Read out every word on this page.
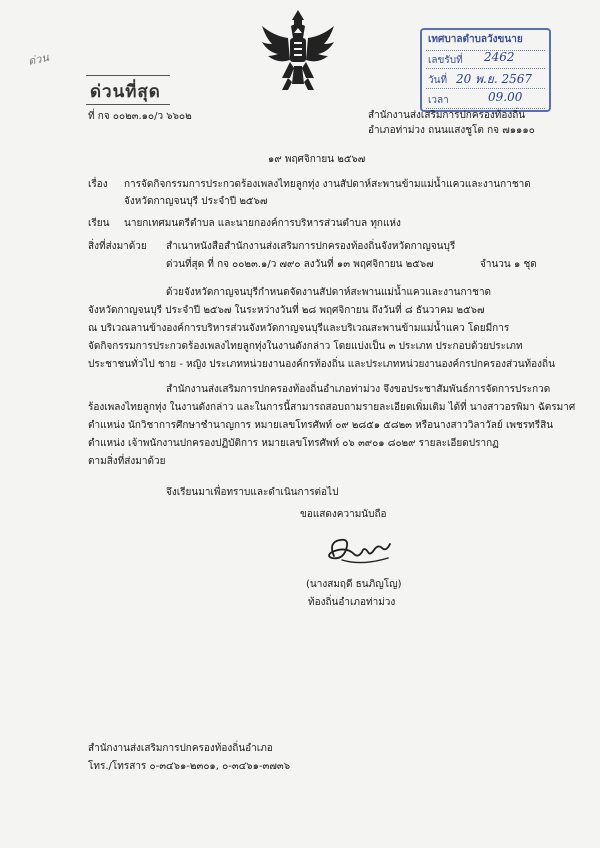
ด่วน
ด่วนที่สุด
ที่ กจ ๐๐๒๓.๑๐/ว ๖๖๐๒
เทศบาลตำบลวังขนาย
เลขรับที่ 2462
วันที่ 20 พ.ย. 2567
เวลา	09.00
สำนักงานส่งเสริมการปกครองท้องถิ่น
อำเภอท่าม่วง ถนนแสงชูโต กจ ๗๑๑๑๐
๑๙ พฤศจิกายน ๒๕๖๗
เรื่อง การจัดกิจกรรมการประกวดร้องเพลงไทยลูกทุ่ง งานสัปดาห์สะพานข้ามแม่น้ำแควและงานกาชาด
จังหวัดกาญจนบุรี ประจำปี ๒๕๖๗
เรียน นายกเทศมนตรีตำบล และนายกองค์การบริหารส่วนตำบล ทุกแห่ง
สิ่งที่ส่งมาด้วย สำเนาหนังสือสำนักงานส่งเสริมการปกครองท้องถิ่นจังหวัดกาญจนบุรี
ด่วนที่สุด ที่ กจ ๐๐๒๓.๑/ว ๗๙๐ ลงวันที่ ๑๓ พฤศจิกายน ๒๕๖๗	จำนวน ๑ ชุด
ด้วยจังหวัดกาญจนบุรีกำหนดจัดงานสัปดาห์สะพานแม่น้ำแควและงานกาชาด
จังหวัดกาญจนบุรี ประจำปี ๒๕๖๗ ในระหว่างวันที่ ๒๘ พฤศจิกายน ถึงวันที่ ๘ ธันวาคม ๒๕๖๗
ณ บริเวณลานข้างองค์การบริหารส่วนจังหวัดกาญจนบุรีและบริเวณสะพานข้ามแม่น้ำแคว โดยมีการ
จัดกิจกรรมการประกวดร้องเพลงไทยลูกทุ่งในงานดังกล่าว โดยแบ่งเป็น ๓ ประเภท ประกอบด้วยประเภท
ประชาชนทั่วไป ชาย - หญิง ประเภทหน่วยงานองค์กรท้องถิ่น และประเภทหน่วยงานองค์กรปกครองส่วนท้องถิ่น
สำนักงานส่งเสริมการปกครองท้องถิ่นอำเภอท่าม่วง จึงขอประชาสัมพันธ์การจัดการประกวด
ร้องเพลงไทยลูกทุ่ง ในงานดังกล่าว และในการนี้สามารถสอบถามรายละเอียดเพิ่มเติม ได้ที่ นางสาวอรพิมา ฉัตรมาศ
ตำแหน่ง นักวิชาการศึกษาชำนาญการ หมายเลขโทรศัพท์ ๐๙ ๒๘๕๑ ๕๘๒๓ หรือนางสาววิลาวัลย์ เพชรทรีสิน
ตำแหน่ง เจ้าพนักงานปกครองปฏิบัติการ หมายเลขโทรศัพท์ ๐๖ ๓๙๐๑ ๘๐๒๙ รายละเอียดปรากฏ
ตามสิ่งที่ส่งมาด้วย
จึงเรียนมาเพื่อทราบและดำเนินการต่อไป
ขอแสดงความนับถือ
(นางสมฤดี ธนภิญโญ)
ท้องถิ่นอำเภอท่าม่วง
สำนักงานส่งเสริมการปกครองท้องถิ่นอำเภอ
โทร./โทรสาร ๐-๓๔๖๑-๒๓๐๑, ๐-๓๔๖๑-๓๗๓๖
